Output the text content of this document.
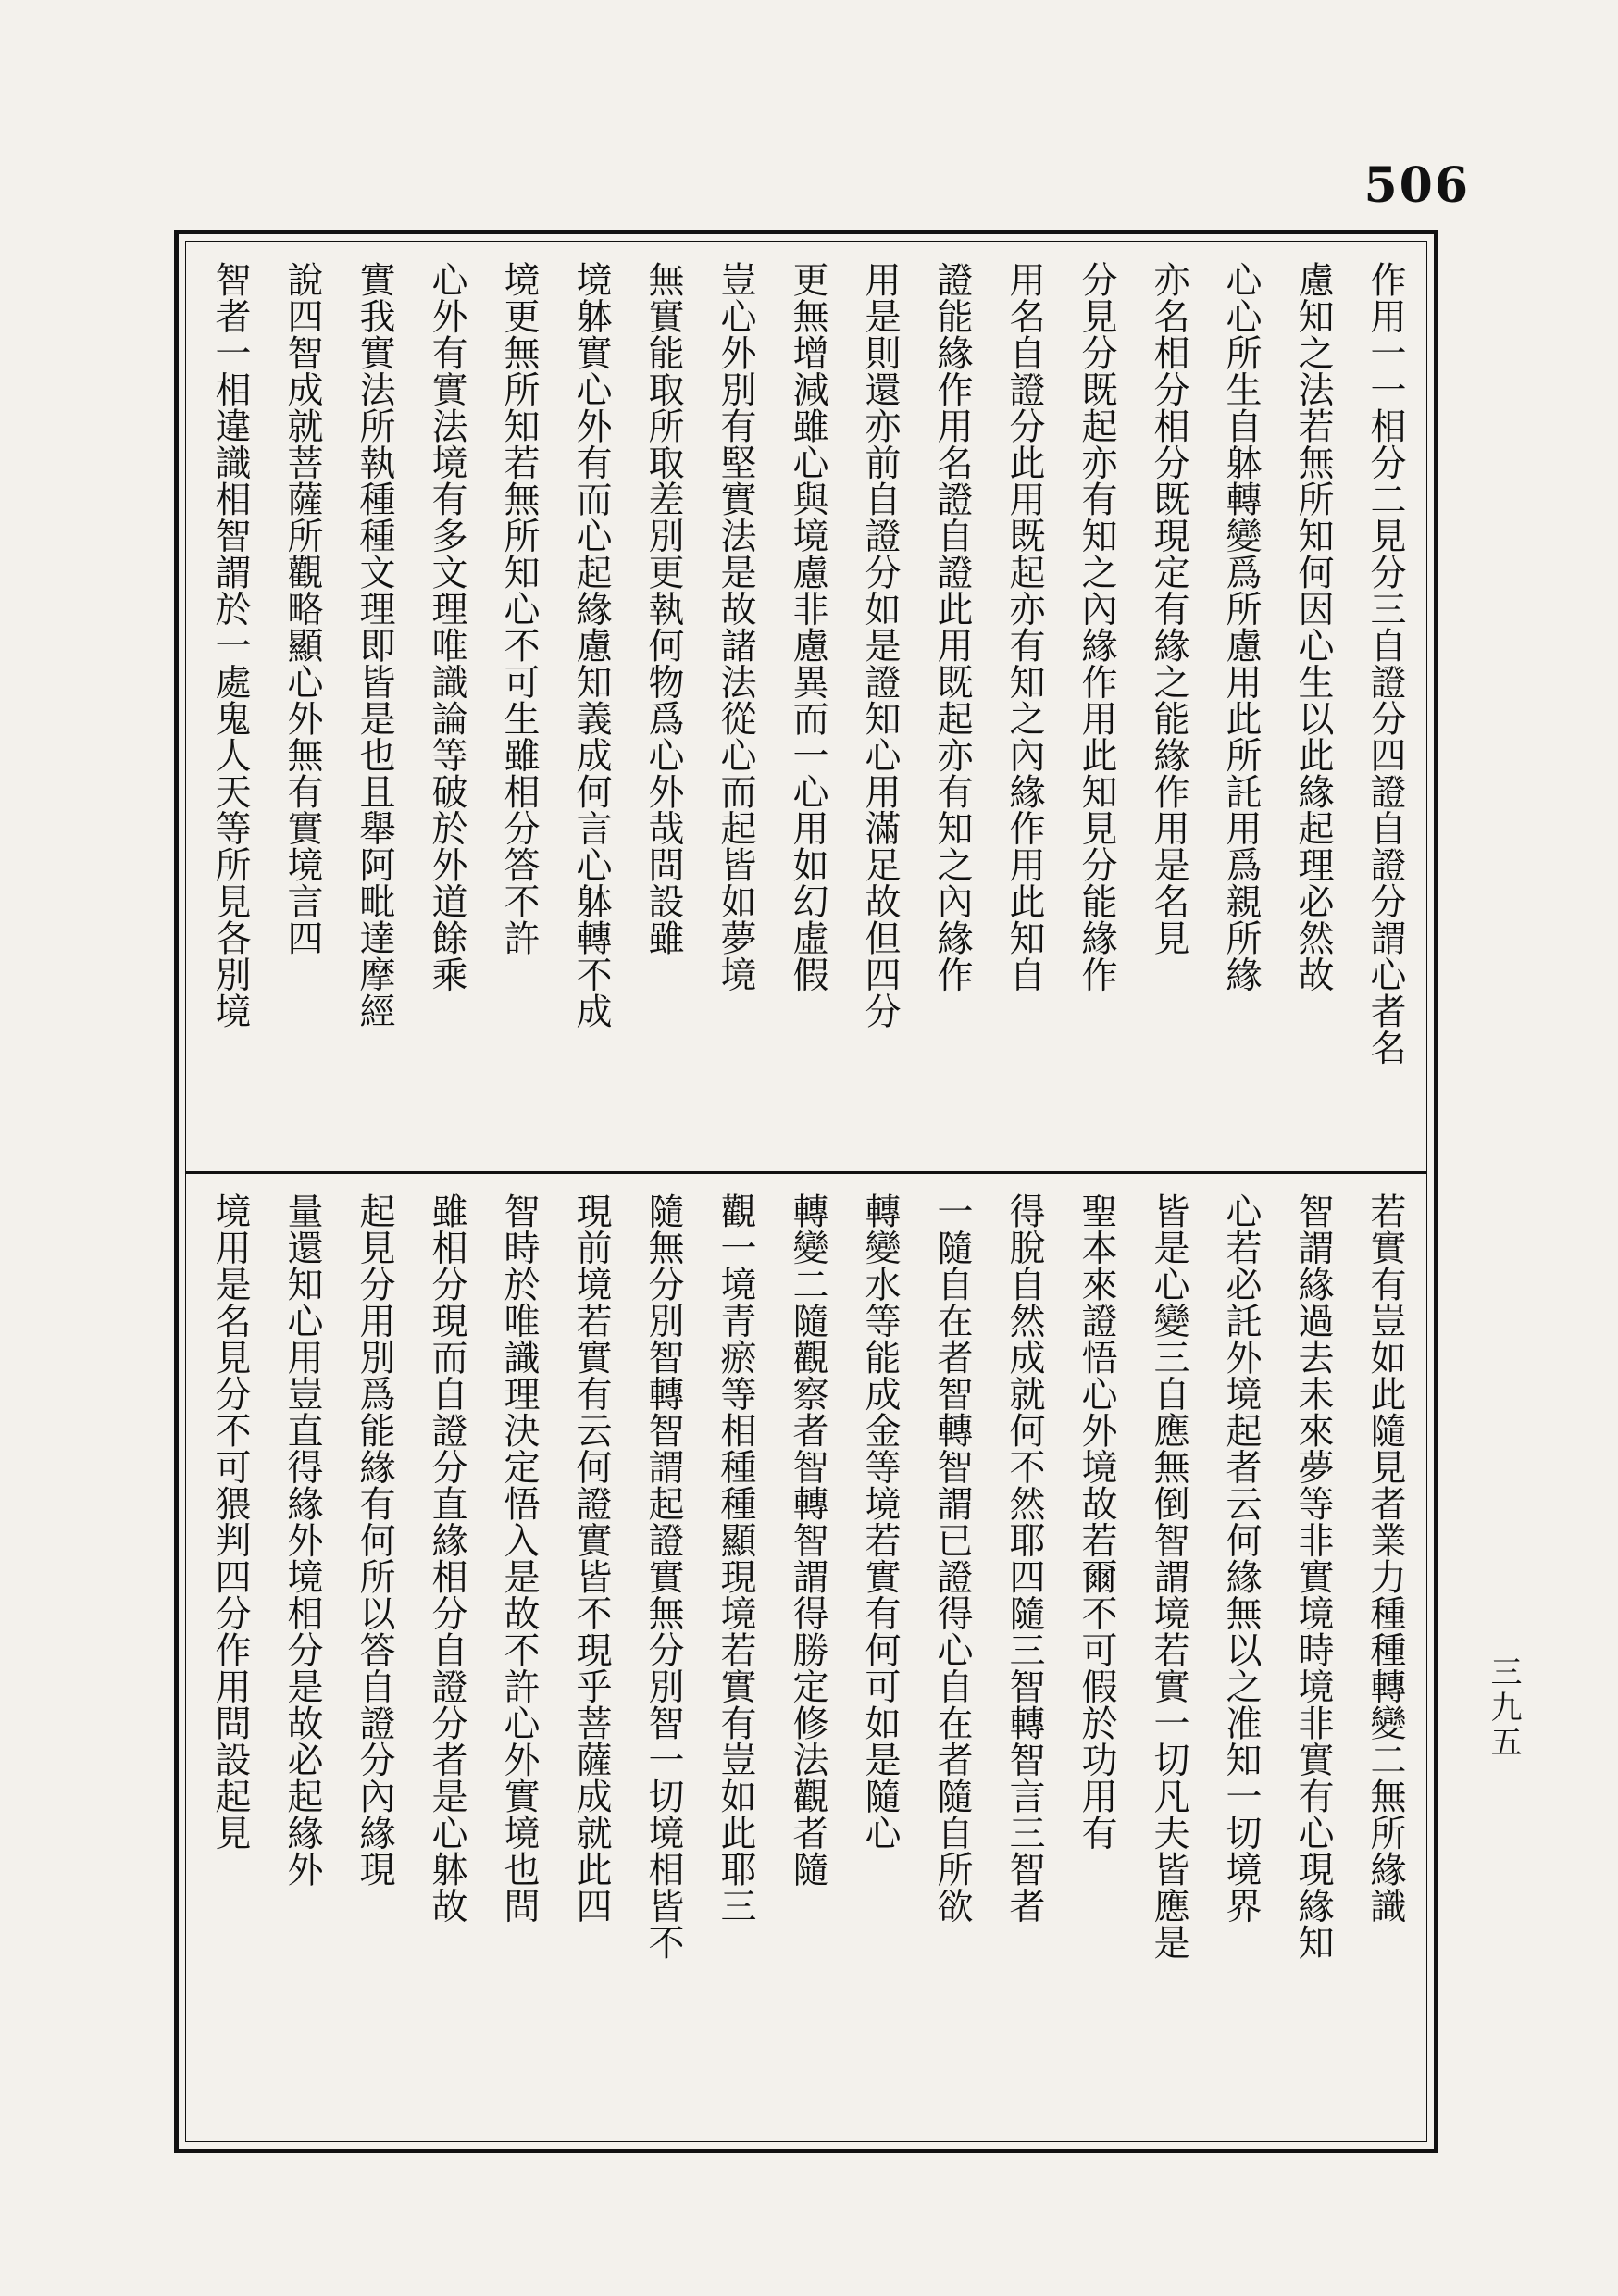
506
作用一一相分二見分三自證分四證自證分謂心者名
慮知之法若無所知何因心生以此緣起理必然故
心心所生自躰轉變爲所慮用此所託用爲親所緣
亦名相分相分既現定有緣之能緣作用是名見
分見分既起亦有知之內緣作用此知見分能緣作
用名自證分此用既起亦有知之內緣作用此知自
證能緣作用名證自證此用既起亦有知之內緣作
用是則還亦前自證分如是證知心用滿足故但四分
更無增減雖心與境慮非慮異而一心用如幻虛假
豈心外別有堅實法是故諸法從心而起皆如夢境
無實能取所取差別更執何物爲心外哉問設雖
境躰實心外有而心起緣慮知義成何言心躰轉不成
境更無所知若無所知心不可生雖相分答不許
心外有實法境有多文理唯識論等破於外道餘乘
實我實法所執種種文理即皆是也且舉阿毗達摩經
說四智成就菩薩所觀略顯心外無有實境言四
智者一相違識相智謂於一處鬼人天等所見各別境
若實有豈如此隨見者業力種種轉變二無所緣識
智謂緣過去未來夢等非實境時境非實有心現緣知
心若必託外境起者云何緣無以之准知一切境界
皆是心變三自應無倒智謂境若實一切凡夫皆應是
聖本來證悟心外境故若爾不可假於功用有
得脫自然成就何不然耶四隨三智轉智言三智者
一隨自在者智轉智謂已證得心自在者隨自所欲
轉變水等能成金等境若實有何可如是隨心
轉變二隨觀察者智轉智謂得勝定修法觀者隨
觀一境青瘀等相種種顯現境若實有豈如此耶三
隨無分別智轉智謂起證實無分別智一切境相皆不
現前境若實有云何證實皆不現乎菩薩成就此四
智時於唯識理決定悟入是故不許心外實境也問
雖相分現而自證分直緣相分自證分者是心躰故
起見分用別爲能緣有何所以答自證分內緣現
量還知心用豈直得緣外境相分是故必起緣外
境用是名見分不可猥判四分作用問設起見	三九五
